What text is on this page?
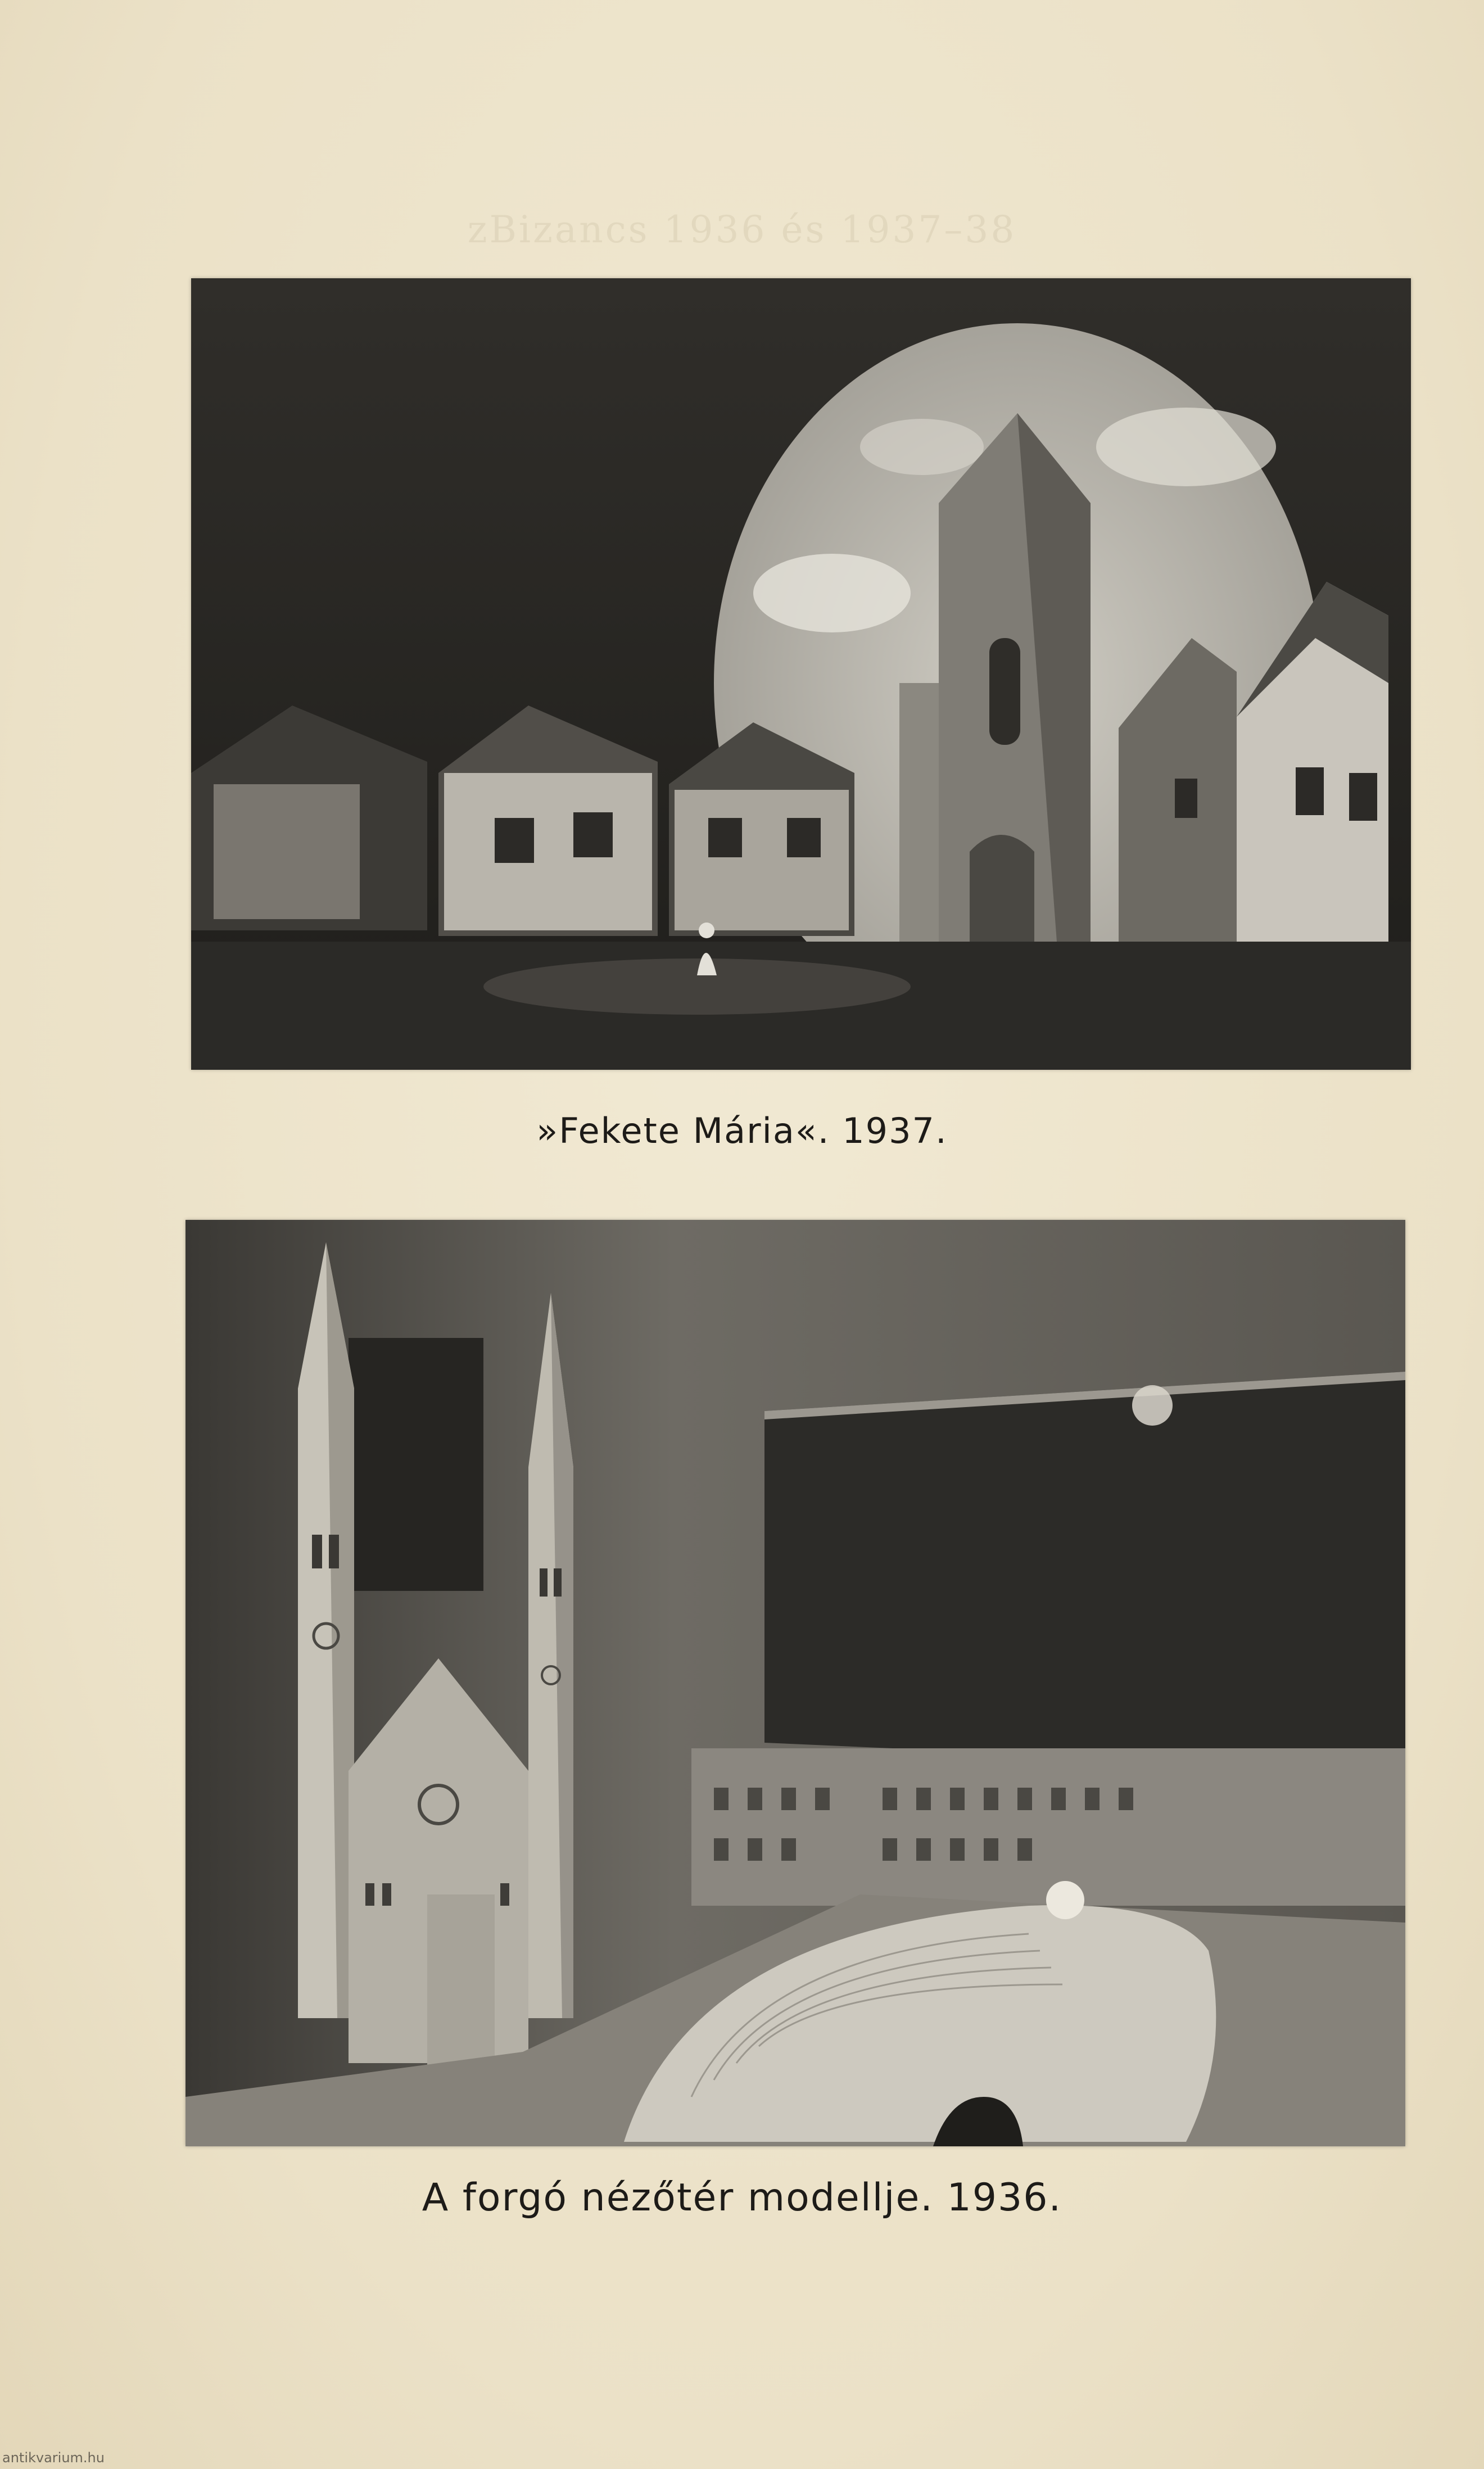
zBizancs 1936 és 1937–38
»Fekete Mária«. 1937.
A forgó nézőtér modellje. 1936.
antikvarium.hu
